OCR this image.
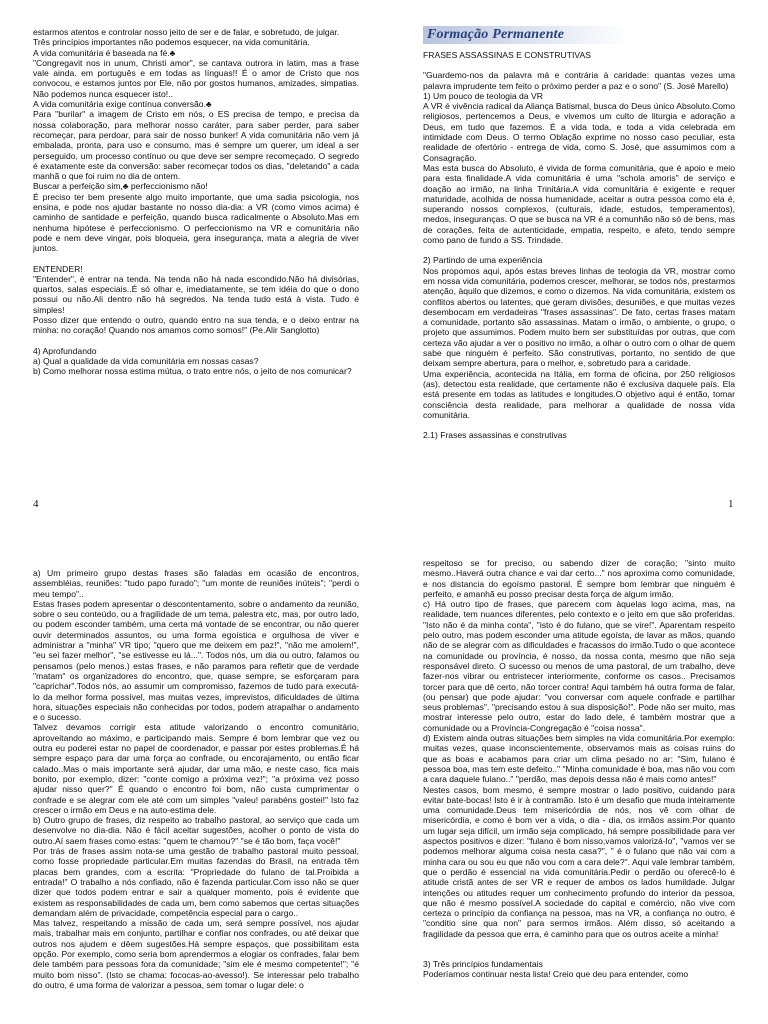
Formação Permanente

estarmos atentos e controlar nosso jeito de ser e de falar, e sobretudo, de julgar.

Três princípios importantes não podemos esquecer, na vida comunitária.

A vida comunitária é baseada na fé.♣

"Congregavit nos in unum, Christi amor", se cantava outrora in latim, mas a frase vale ainda. em português e em todas as línguas!! É o amor de Cristo que nos convocou, e estamos juntos por Ele, não por gostos humanos, amizades, simpatias. Não podemos nunca esquecer isto!..

A vida comunitária exige contínua conversão.♣

Para "burilar" a imagem de Cristo em nós, o ES precisa de tempo, e precisa da nossa colaboração, para melhorar nosso caráter, para saber perder, para saber recomeçar, para perdoar, para sair de nosso bunker! A vida comunitária não vem já embalada, pronta, para uso e consumo, mas é sempre um querer, um ideal a ser perseguido, um processo contínuo ou que deve ser sempre recomeçado. O segredo é exatamente este da conversão: saber recomeçar todos os dias, "deletando" a cada manhã o que foi ruim no dia de ontem.

Buscar a perfeição sim,♣ perfeccionismo não!

É preciso ter bem presente algo muito importante, que uma sadia psicologia, nos ensina, e pode nos ajudar bastante no nosso dia-dia: a VR (como vimos acima) é caminho de santidade e perfeição, quando busca radicalmente o Absoluto.Mas em nenhuma hipótese é perfeccionismo. O perfeccionismo na VR e comunitária não pode e nem deve vingar, pois bloqueia, gera insegurança, mata a alegria de viver juntos.

ENTENDER!

"Entender", é entrar na tenda. Na tenda não há nada escondido.Não há divisórias, quartos, salas especiais..É só olhar e, imediatamente, se tem idéia do que o dono possui ou não.Ali dentro não há segredos. Na tenda tudo está à vista. Tudo é simples!

Posso dizer que entendo o outro, quando entro na sua tenda, e o deixo entrar na minha: no coração! Quando nos amamos como somos!" (Pe.Alir Sanglotto)

4) Aprofundando

a) Qual a qualidade da vida comunitária em nossas casas?

b) Como melhorar nossa estima mútua, o trato entre nós, o jeito de nos comunicar?

FRASES ASSASSINAS E CONSTRUTIVAS

"Guardemo-nos da palavra má e contrária à caridade: quantas vezes uma palavra imprudente tem feito o próximo perder a paz e o sono" (S. José Marello)

1) Um pouco de teologia da VR

A VR é vivência radical da Aliança Batismal, busca do Deus único Absoluto.Como religiosos, pertencemos a Deus, e vivemos um culto de liturgia e adoração a Deus, em tudo que fazemos. É a vida toda, e toda a vida celebrada em intimidade com Deus. O termo Oblação exprime no nosso caso peculiar, esta realidade de ofertório - entrega de vida, como S. José, que assumimos com a Consagração.

Mas esta busca do Absoluto, é vivida de forma comunitária, que é apoio e meio para esta finalidade.A vida comunitária é uma "schola amoris" de serviço e doação ao irmão, na linha Trinitária.A vida comunitária é exigente e requer maturidade, acolhida de nossa humanidade, aceitar a outra pessoa como ela é, superando nossos complexos, (culturais, idade, estudos, temperamentos), medos, inseguranças. O que se busca na VR é a comunhão não só de bens, mas de corações, feita de autenticidade, empatia, respeito, e afeto, tendo sempre como pano de fundo a SS. Trindade.

2) Partindo de uma experiência

Nos propomos aqui, após estas breves linhas de teologia da VR, mostrar como em nossa vida comunitária, podemos crescer, melhorar, se todos nós, prestarmos atenção, àquilo que dizemos, e como o dizemos. Na vida comunitária, existem os conflitos abertos ou latentes, que geram divisões, desuniões, e que muitas vezes desembocam em verdadeiras "frases assassinas". De fato, certas frases matam a comunidade, portanto são assassinas. Matam o irmão, o ambiente, o grupo, o projeto que assumimos. Podem muito bem ser substituídas por outras, que com certeza vão ajudar a ver o positivo no irmão, a olhar o outro com o olhar de quem sabe que ninguém é perfeito. São construtivas, portanto, no sentido de que deixam sempre abertura, para o melhor, e, sobretudo para a caridade.

Uma experiência, acontecida na Itália, em forma de oficina, por 250 religiosos (as), detectou esta realidade, que certamente não é exclusiva daquele país. Ela está presente em todas as latitudes e longitudes.O objetivo aqui é então, tomar consciência desta realidade, para melhorar a qualidade de nossa vida comunitária.

2.1) Frases assassinas e construtivas

a) Um primeiro grupo destas frases são faladas em ocasião de encontros, assembléias, reuniões: "tudo papo furado"; "um monte de reuniões inúteis"; "perdi o meu tempo"..

Estas frases podem apresentar o descontentamento, sobre o andamento da reunião, sobre o seu conteúdo, ou a fragilidade de um tema, palestra etc, mas, por outro lado, ou podem esconder também, uma certa má vontade de se encontrar, ou não querer ouvir determinados assuntos, ou uma forma egoística e orgulhosa de viver e administrar a "minha" VR tipo; "quero que me deixem em paz!", "não me amolem!", "eu sei fazer melhor", "se estivesse eu lá...". Todos nós, um dia ou outro, falamos ou pensamos (pelo menos.) estas frases, e não paramos para refletir que de verdade "matam" os organizadores do encontro, que, quase sempre, se esforçaram para "caprichar".Todos nós, ao assumir um compromisso, fazemos de tudo para executá-lo da melhor forma possível, mas muitas vezes, imprevistos, dificuldades de última hora, situações especiais não conhecidas por todos, podem atrapalhar o andamento e o sucesso.

Talvez devamos corrigir esta atitude valorizando o encontro comunitário, aproveitando ao máximo, e participando mais. Sempre é bom lembrar que vez ou outra eu poderei estar no papel de coordenador, e passar por estes problemas.É há sempre espaço para dar uma força ao confrade, ou encorajamento, ou então ficar calado..Mas o mais importante será ajudar, dar uma mão, e neste caso, fica mais bonito, por exemplo, dizer: "conte comigo a próxima vez!"; "a próxima vez posso ajudar nisso quer?" É quando o encontro foi bom, não custa cumprimentar o confrade e se alegrar com ele até com um simples "valeu! parabéns gostei!" Isto faz crescer o irmão em Deus e na auto-estima dele.

b) Outro grupo de frases, diz respeito ao trabalho pastoral, ao serviço que cada um desenvolve no dia-dia. Não é fácil aceitar sugestões, acolher o ponto de vista do outro.Aí saem frases como estas: "quem te chamou?" "se é tão bom, faça você!"

Por trás de frases assim nota-se uma gestão de trabalho pastoral muito pessoal, como fosse propriedade particular.Em muitas fazendas do Brasil, na entrada têm placas bem grandes, com a escrita: "Propriedade do fulano de tal.Proibida a entrada!" O trabalho a nós confiado, não é fazenda particular.Com isso não se quer dizer que todos podem entrar e sair a qualquer momento, pois é evidente que existem as responsabilidades de cada um, bem como sabemos que certas situações demandam além de privacidade, competência especial para o cargo..

Mas talvez, respeitando a missão de cada um, será sempre possível, nos ajudar mais, trabalhar mais em conjunto, partilhar e confiar nos confrades, ou até deixar que outros nos ajudem e dêem sugestões.Há sempre espaços, que possibilitam esta opção. Por exemplo, como seria bom aprendermos a elogiar os confrades, falar bem dele também para pessoas fora da comunidade; "sim ele é mesmo competente!"; "é muito bom nisso". (Isto se chama: fococas-ao-avesso!). Se interessar pelo trabalho do outro, é uma forma de valorizar a pessoa, sem tomar o lugar dele: o

respeitoso se for preciso, ou sabendo dizer de coração; "sinto muito mesmo..Haverá outra chance e vai dar certo..." nos aproxima como comunidade, e nos distancia do egoísmo pastoral. É sempre bom lembrar que ninguém é perfeito, e amanhã eu posso precisar desta força de algum irmão.

c) Há outro tipo de frases, que parecem com àquelas logo acima, mas, na realidade, tem nuances diferentes, pelo contexto e o jeito em que são proferidas. "Isto não é da minha conta", "isto é do fulano, que se vire!". Aparentam respeito pelo outro, mas podem esconder uma atitude egoísta, de lavar as mãos, quando não de se alegrar com as dificuldades e fracassos do irmão.Tudo o que acontece na comunidade ou província, é nosso, da nossa conta, mesmo que não seja responsável direto. O sucesso ou menos de uma pastoral, de um trabalho, deve fazer-nos vibrar ou entristecer interiormente, conforme os casos.. Precisamos torcer para que dê certo, não torcer contra! Aqui também há outra forma de falar, (ou pensar) que pode ajudar: "vou conversar com aquele confrade e partilhar seus problemas". "precisando estou à sua disposição!". Pode não ser muito, mas mostrar interesse pelo outro, estar do lado dele, é também mostrar que a comunidade ou a Província-Congregação é "coisa nossa".

d) Existem ainda outras situações bem simples na vida comunitária.Por exemplo: muitas vezes, quase inconscientemente, observamos mais as coisas ruins do que as boas e acabamos para criar um clima pesado no ar: "Sim, fulano é pessoa boa, mas tem este defeito.." "Minha comunidade é boa, mas não vou com a cara daquele fulano.." "perdão, mas depois dessa não é mais como antes!"

Nestes casos, bom mesmo, é sempre mostrar o lado positivo, cuidando para evitar bate-bocas! Isto é ir à contramão. Isto é um desafio que muda inteiramente uma comunidade.Deus tem misericórdia de nós, nos vê com olhar de misericórdia, e como é bom ver a vida, o dia - dia, os irmãos assim.Por quanto um lugar seja difícil, um irmão seja complicado, há sempre possibilidade para ver aspectos positivos e dizer: "fulano é bom nisso,vamos valorizá-lo", "vamos ver se podemos melhorar alguma coisa nesta casa?", " é o fulano que não vai com a minha cara ou sou eu que não vou com a cara dele?". Aqui vale lembrar também, que o perdão é essencial na vida comunitária.Pedir o perdão ou oferecê-lo é atitude cristã antes de ser VR e requer de ambos os lados humildade. Julgar intenções ou atitudes requer um conhecimento profundo do interior da pessoa, que não é mesmo possível.A sociedade do capital e comércio, não vive com certeza o princípio da confiança na pessoa, mas na VR, a confiança no outro, é "conditio sine qua non" para sermos irmãos. Além disso, só aceitando a fragilidade da pessoa que erra, é caminho para que os outros aceite a minha!

3) Três princípios fundamentais

Poderíamos continuar nesta lista! Creio que deu para entender, como

4	1
